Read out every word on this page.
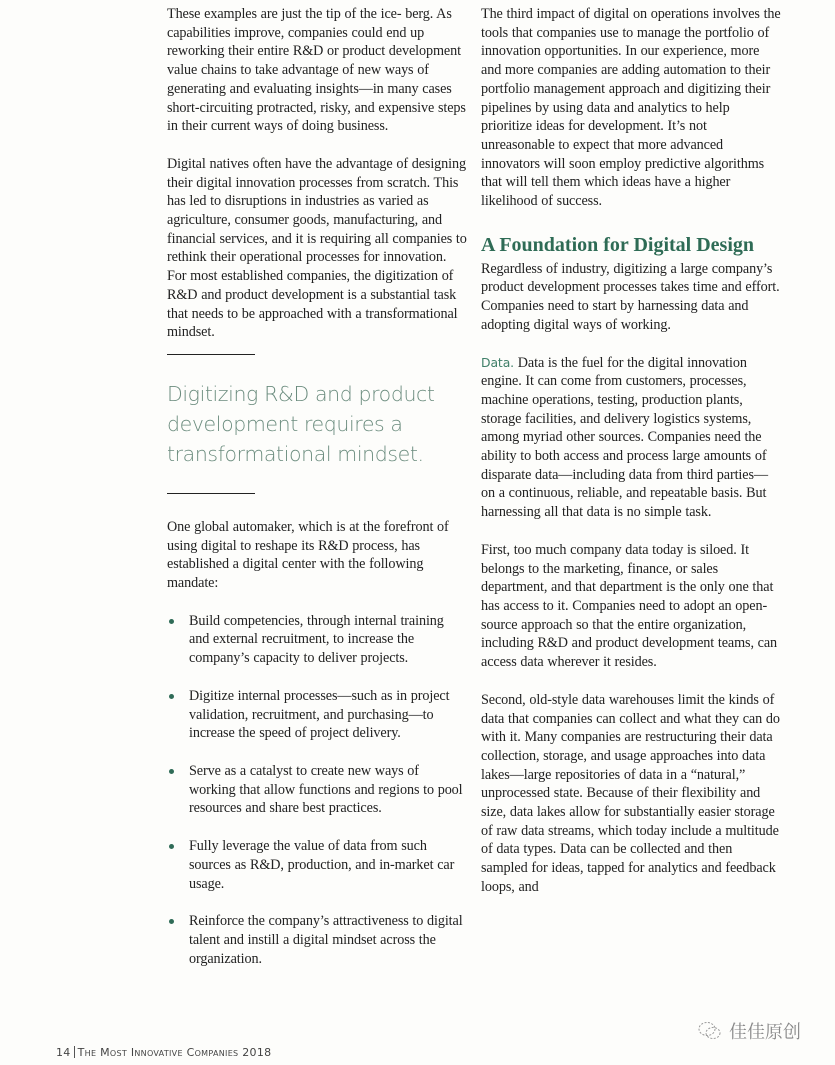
These examples are just the tip of the ice- berg. As capabilities improve, companies could end up reworking their entire R&D or product development value chains to take advantage of new ways of generating and evaluating insights—in many cases short-circuiting protracted, risky, and expensive steps in their current ways of doing business.

Digital natives often have the advantage of designing their digital innovation processes from scratch. This has led to disruptions in industries as varied as agriculture, consumer goods, manufacturing, and financial services, and it is requiring all companies to rethink their operational processes for innovation. For most established companies, the digitization of R&D and product development is a substantial task that needs to be approached with a transformational mindset.

Digitizing R&D and product development requires a transformational mindset.

One global automaker, which is at the forefront of using digital to reshape its R&D process, has established a digital center with the following mandate:

Build competencies, through internal training and external recruitment, to increase the company’s capacity to deliver projects.

Digitize internal processes—such as in project validation, recruitment, and purchasing—to increase the speed of project delivery.

Serve as a catalyst to create new ways of working that allow functions and regions to pool resources and share best practices.

Fully leverage the value of data from such sources as R&D, production, and in-market car usage.

Reinforce the company’s attractiveness to digital talent and instill a digital mindset across the organization.

The third impact of digital on operations involves the tools that companies use to manage the portfolio of innovation opportunities. In our experience, more and more companies are adding automation to their portfolio management approach and digitizing their pipelines by using data and analytics to help prioritize ideas for development. It’s not unreasonable to expect that more advanced innovators will soon employ predictive algorithms that will tell them which ideas have a higher likelihood of success.

A Foundation for Digital Design

Regardless of industry, digitizing a large company’s product development processes takes time and effort. Companies need to start by harnessing data and adopting digital ways of working.

Data. Data is the fuel for the digital innovation engine. It can come from customers, processes, machine operations, testing, production plants, storage facilities, and delivery logistics systems, among myriad other sources. Companies need the ability to both access and process large amounts of disparate data—including data from third parties—on a continuous, reliable, and repeatable basis. But harnessing all that data is no simple task.

First, too much company data today is siloed. It belongs to the marketing, finance, or sales department, and that department is the only one that has access to it. Companies need to adopt an open-source approach so that the entire organization, including R&D and product development teams, can access data wherever it resides.

Second, old-style data warehouses limit the kinds of data that companies can collect and what they can do with it. Many companies are restructuring their data collection, storage, and usage approaches into data lakes—large repositories of data in a “natural,” unprocessed state. Because of their flexibility and size, data lakes allow for substantially easier storage of raw data streams, which today include a multitude of data types. Data can be collected and then sampled for ideas, tapped for analytics and feedback loops, and

14 The Most Innovative Companies 2018
佳佳原创
